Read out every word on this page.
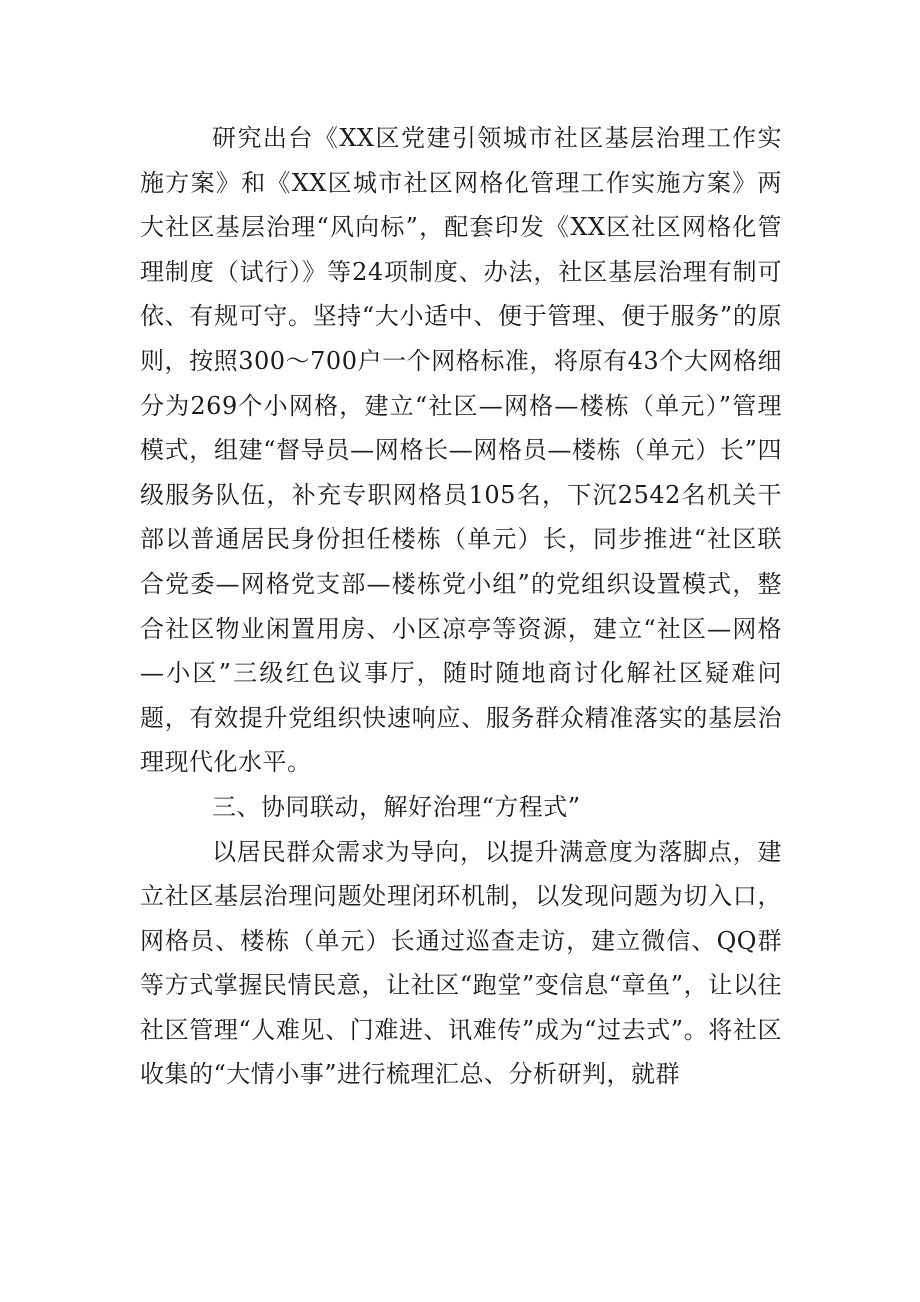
研究出台《XX区党建引领城市社区基层治理工作实施方案》和《XX区城市社区网格化管理工作实施方案》两大社区基层治理“风向标”，配套印发《XX区社区网格化管理制度（试行）》等24项制度、办法，社区基层治理有制可依、有规可守。坚持“大小适中、便于管理、便于服务”的原则，按照300～700户一个网格标准，将原有43个大网格细分为269个小网格，建立“社区—网格—楼栋（单元）”管理模式，组建“督导员—网格长—网格员—楼栋（单元）长”四级服务队伍，补充专职网格员105名，下沉2542名机关干部以普通居民身份担任楼栋（单元）长，同步推进“社区联合党委—网格党支部—楼栋党小组”的党组织设置模式，整合社区物业闲置用房、小区凉亭等资源，建立“社区—网格—小区”三级红色议事厅，随时随地商讨化解社区疑难问题，有效提升党组织快速响应、服务群众精准落实的基层治理现代化水平。

三、协同联动，解好治理“方程式”

以居民群众需求为导向，以提升满意度为落脚点，建立社区基层治理问题处理闭环机制，以发现问题为切入口，网格员、楼栋（单元）长通过巡查走访，建立微信、QQ群等方式掌握民情民意，让社区“跑堂”变信息“章鱼”，让以往社区管理“人难见、门难进、讯难传”成为“过去式”。将社区收集的“大情小事”进行梳理汇总、分析研判，就群
